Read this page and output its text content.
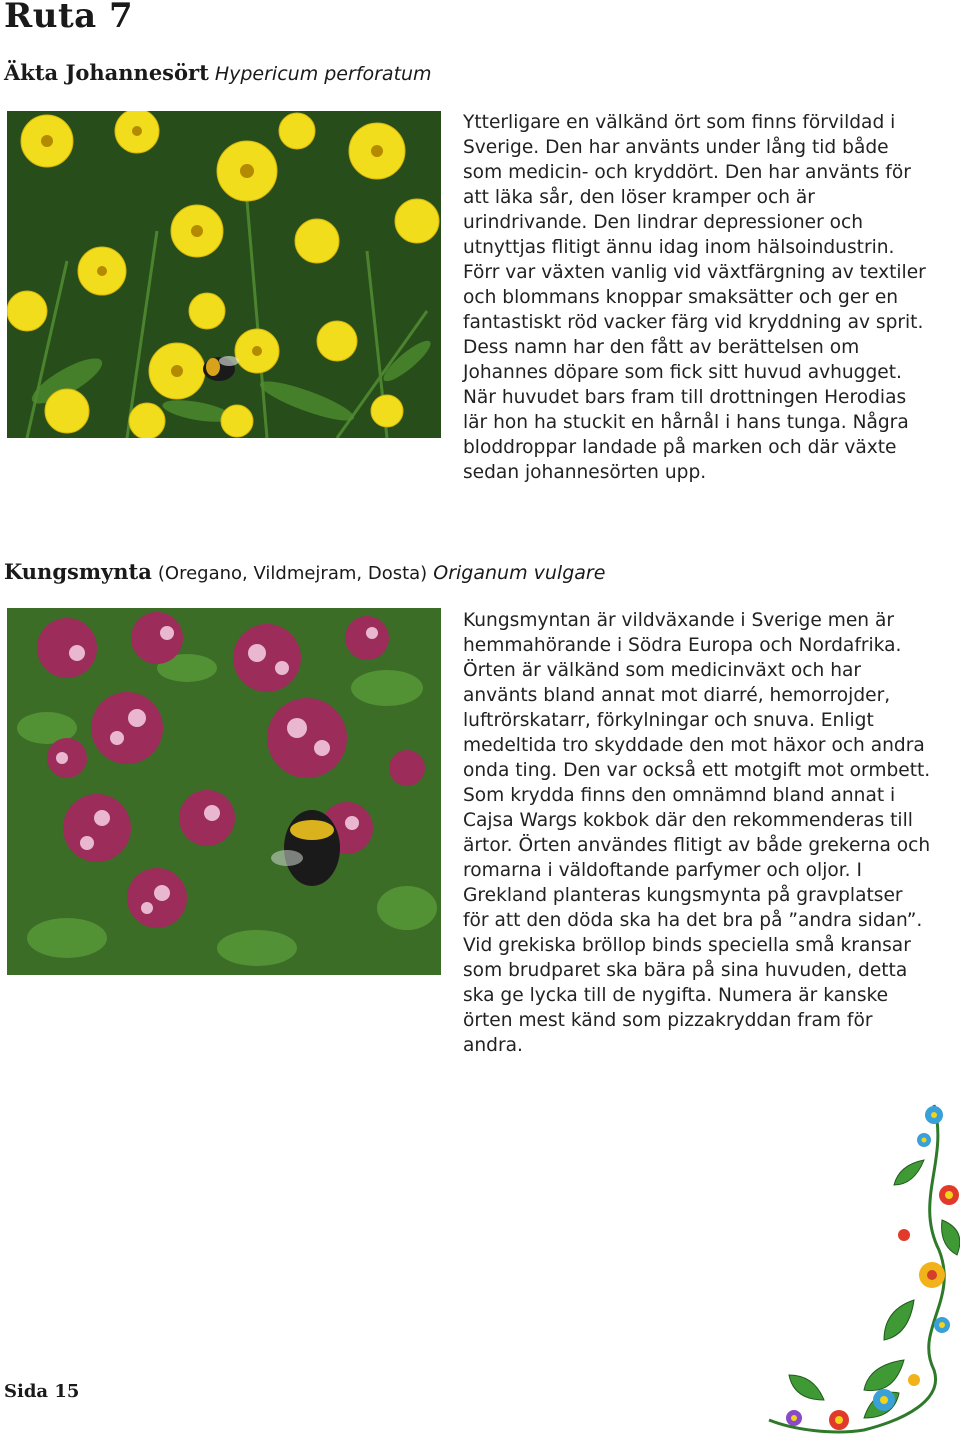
Ruta 7
Äkta Johannesört Hypericum perforatum

Ytterligare en välkänd ört som finns förvildad i Sverige. Den har använts under lång tid både som medicin- och kryddört. Den har använts för att läka sår, den löser kramper och är urindrivande. Den lindrar depressioner och utnyttjas flitigt ännu idag inom hälsoindustrin. Förr var växten vanlig vid växtfärgning av textiler och blommans knoppar smaksätter och ger en fantastiskt röd vacker färg vid kryddning av sprit. Dess namn har den fått av berättelsen om Johannes döpare som fick sitt huvud avhugget. När huvudet bars fram till drottningen Herodias lär hon ha stuckit en hårnål i hans tunga. Några bloddroppar landade på marken och där växte sedan johannesörten upp.

Kungsmynta (Oregano, Vildmejram, Dosta) Origanum vulgare

Kungsmyntan är vildväxande i Sverige men är hemmahörande i Södra Europa och Nordafrika. Örten är välkänd som medicinväxt och har använts bland annat mot diarré, hemorrojder, luftrörskatarr, förkylningar och snuva. Enligt medeltida tro skyddade den mot häxor och andra onda ting. Den var också ett motgift mot ormbett. Som krydda finns den omnämnd bland annat i Cajsa Wargs kokbok där den rekommenderas till ärtor. Örten användes flitigt av både grekerna och romarna i väldoftande parfymer och oljor. I Grekland planteras kungsmynta på gravplatser för att den döda ska ha det bra på ”andra sidan”. Vid grekiska bröllop binds speciella små kransar som brudparet ska bära på sina huvuden, detta ska ge lycka till de nygifta. Numera är kanske örten mest känd som pizzakryddan fram för andra.

Sida 15
